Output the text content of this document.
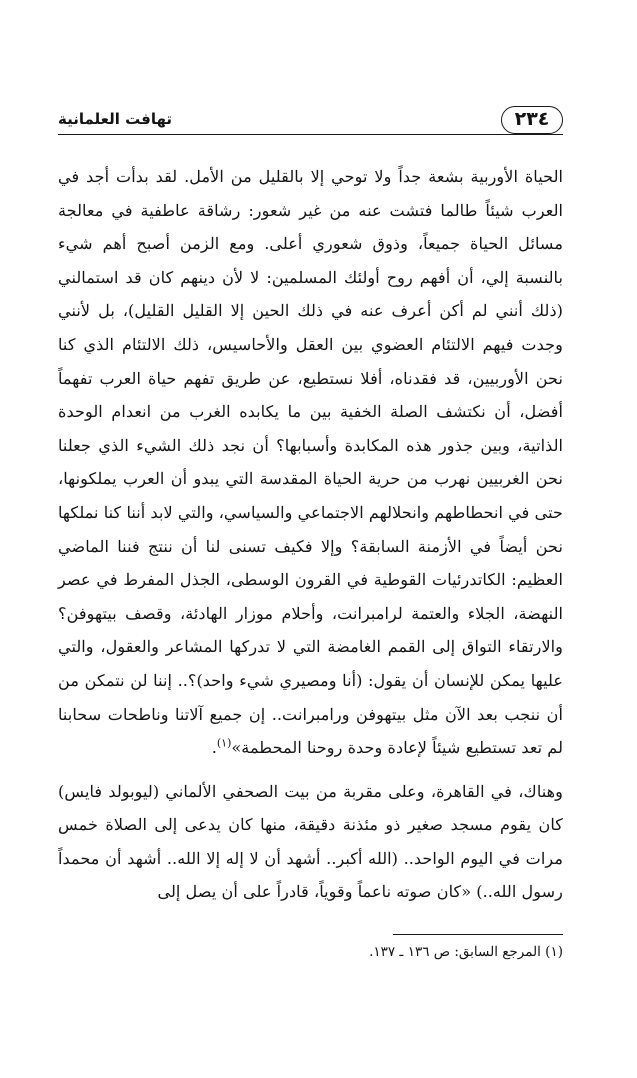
٢٣٤
تهافت العلمانية

الحياة الأوربية بشعة جداً ولا توحي إلا بالقليل من الأمل. لقد بدأت أجد في العرب شيئاً طالما فتشت عنه من غير شعور: رشاقة عاطفية في معالجة مسائل الحياة جميعاً، وذوق شعوري أعلى. ومع الزمن أصبح أهم شيء بالنسبة إلي، أن أفهم روح أولئك المسلمين: لا لأن دينهم كان قد استمالني (ذلك أنني لم أكن أعرف عنه في ذلك الحين إلا القليل القليل)، بل لأنني وجدت فيهم الالتئام العضوي بين العقل والأحاسيس، ذلك الالتئام الذي كنا نحن الأوربيين، قد فقدناه، أفلا نستطيع، عن طريق تفهم حياة العرب تفهماً أفضل، أن نكتشف الصلة الخفية بين ما يكابده الغرب من انعدام الوحدة الذاتية، وبين جذور هذه المكابدة وأسبابها؟ أن نجد ذلك الشيء الذي جعلنا نحن الغربيين نهرب من حرية الحياة المقدسة التي يبدو أن العرب يملكونها، حتى في انحطاطهم وانحلالهم الاجتماعي والسياسي، والتي لابد أننا كنا نملكها نحن أيضاً في الأزمنة السابقة؟ وإلا فكيف تسنى لنا أن ننتج فننا الماضي العظيم: الكاتدرئيات القوطية في القرون الوسطى، الجذل المفرط في عصر النهضة، الجلاء والعتمة لرامبرانت، وأحلام موزار الهادئة، وقصف بيتهوفن؟ والارتقاء التواق إلى القمم الغامضة التي لا تدركها المشاعر والعقول، والتي عليها يمكن للإنسان أن يقول: (أنا ومصيري شيء واحد)؟.. إننا لن نتمكن من أن ننجب بعد الآن مثل بيتهوفن ورامبرانت.. إن جميع آلاتنا وناطحات سحابنا لم تعد تستطيع شيئاً لإعادة وحدة روحنا المحطمة»$^{(١)}$.

وهناك، في القاهرة، وعلى مقربة من بيت الصحفي الألماني (ليوبولد فايس) كان يقوم مسجد صغير ذو مئذنة دقيقة، منها كان يدعى إلى الصلاة خمس مرات في اليوم الواحد.. (الله أكبر.. أشهد أن لا إله إلا الله.. أشهد أن محمداً رسول الله..) «كان صوته ناعماً وقوياً، قادراً على أن يصل إلى

(١) المرجع السابق: ص ١٣٦ ـ ١٣٧.
